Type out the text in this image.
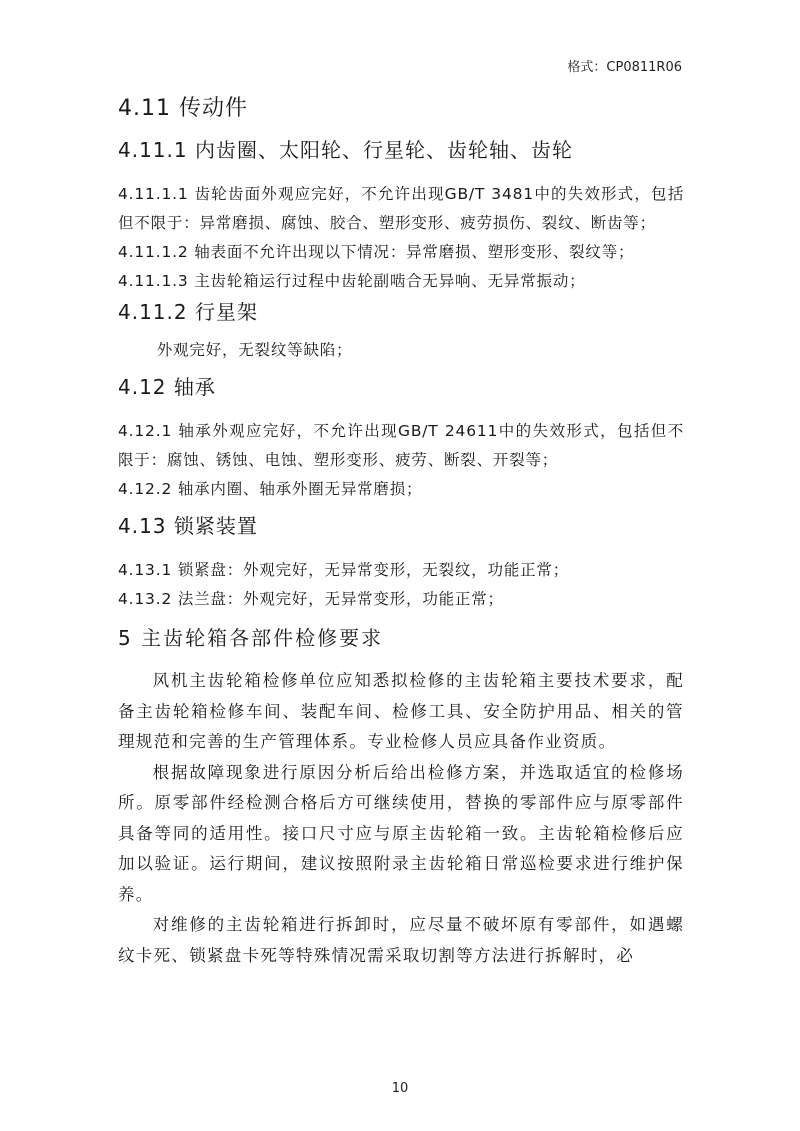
格式：CP0811R06
4.11 传动件
4.11.1 内齿圈、太阳轮、行星轮、齿轮轴、齿轮

4.11.1.1 齿轮齿面外观应完好，不允许出现GB/T 3481中的失效形式，包括但不限于：异常磨损、腐蚀、胶合、塑形变形、疲劳损伤、裂纹、断齿等；

4.11.1.2 轴表面不允许出现以下情况：异常磨损、塑形变形、裂纹等；

4.11.1.3 主齿轮箱运行过程中齿轮副啮合无异响、无异常振动；

4.11.2 行星架

外观完好，无裂纹等缺陷；

4.12 轴承

4.12.1 轴承外观应完好，不允许出现GB/T 24611中的失效形式，包括但不限于：腐蚀、锈蚀、电蚀、塑形变形、疲劳、断裂、开裂等；

4.12.2 轴承内圈、轴承外圈无异常磨损；

4.13 锁紧装置

4.13.1 锁紧盘：外观完好，无异常变形，无裂纹，功能正常；

4.13.2 法兰盘：外观完好，无异常变形，功能正常；

5 主齿轮箱各部件检修要求

风机主齿轮箱检修单位应知悉拟检修的主齿轮箱主要技术要求，配备主齿轮箱检修车间、装配车间、检修工具、安全防护用品、相关的管理规范和完善的生产管理体系。专业检修人员应具备作业资质。

根据故障现象进行原因分析后给出检修方案，并选取适宜的检修场所。原零部件经检测合格后方可继续使用，替换的零部件应与原零部件具备等同的适用性。接口尺寸应与原主齿轮箱一致。主齿轮箱检修后应加以验证。运行期间，建议按照附录主齿轮箱日常巡检要求进行维护保养。

对维修的主齿轮箱进行拆卸时，应尽量不破坏原有零部件，如遇螺纹卡死、锁紧盘卡死等特殊情况需采取切割等方法进行拆解时，必

10
